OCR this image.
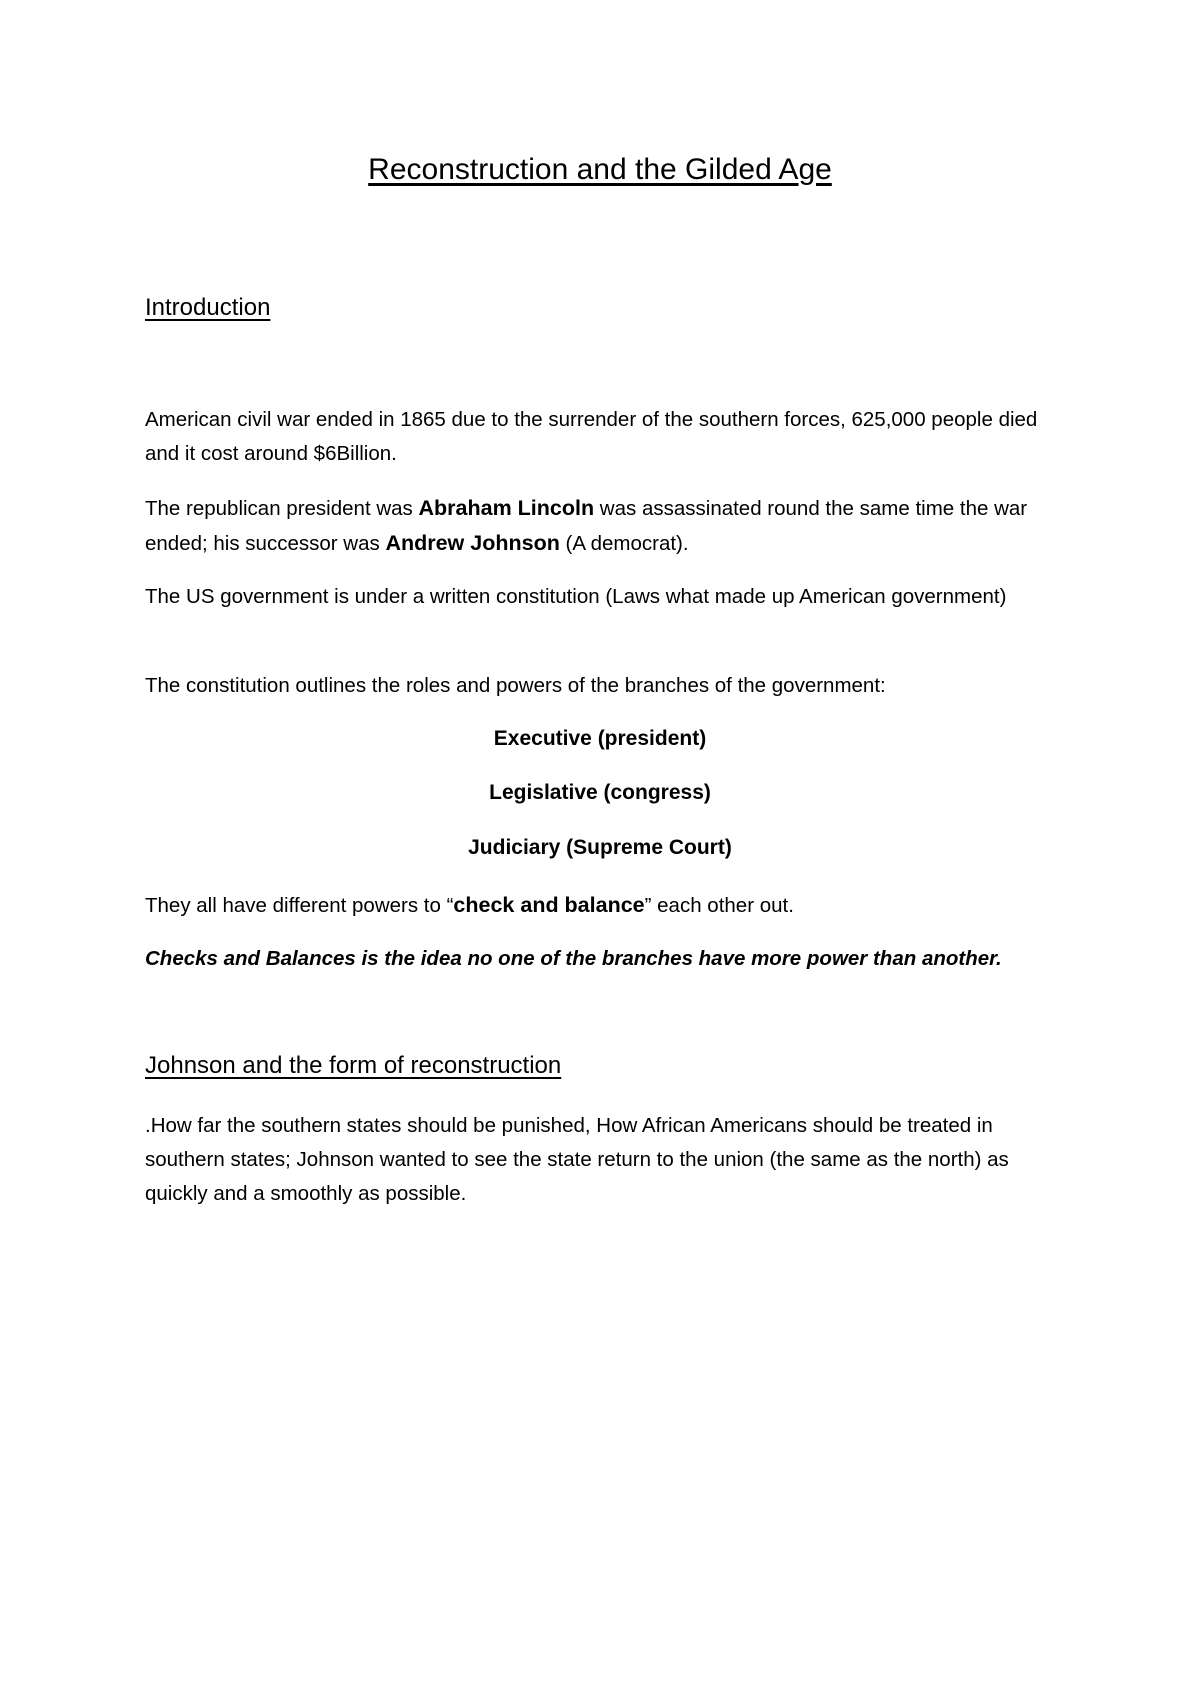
Reconstruction and the Gilded Age
Introduction

American civil war ended in 1865 due to the surrender of the southern forces, 625,000 people died and it cost around $6Billion.

The republican president was Abraham Lincoln was assassinated round the same time the war ended; his successor was Andrew Johnson (A democrat).

The US government is under a written constitution (Laws what made up American government)

The constitution outlines the roles and powers of the branches of the government:

Executive (president)

Legislative (congress)

Judiciary (Supreme Court)

They all have different powers to “check and balance” each other out.

Checks and Balances is the idea no one of the branches have more power than another.

Johnson and the form of reconstruction

.How far the southern states should be punished, How African Americans should be treated in southern states; Johnson wanted to see the state return to the union (the same as the north) as quickly and a smoothly as possible.
